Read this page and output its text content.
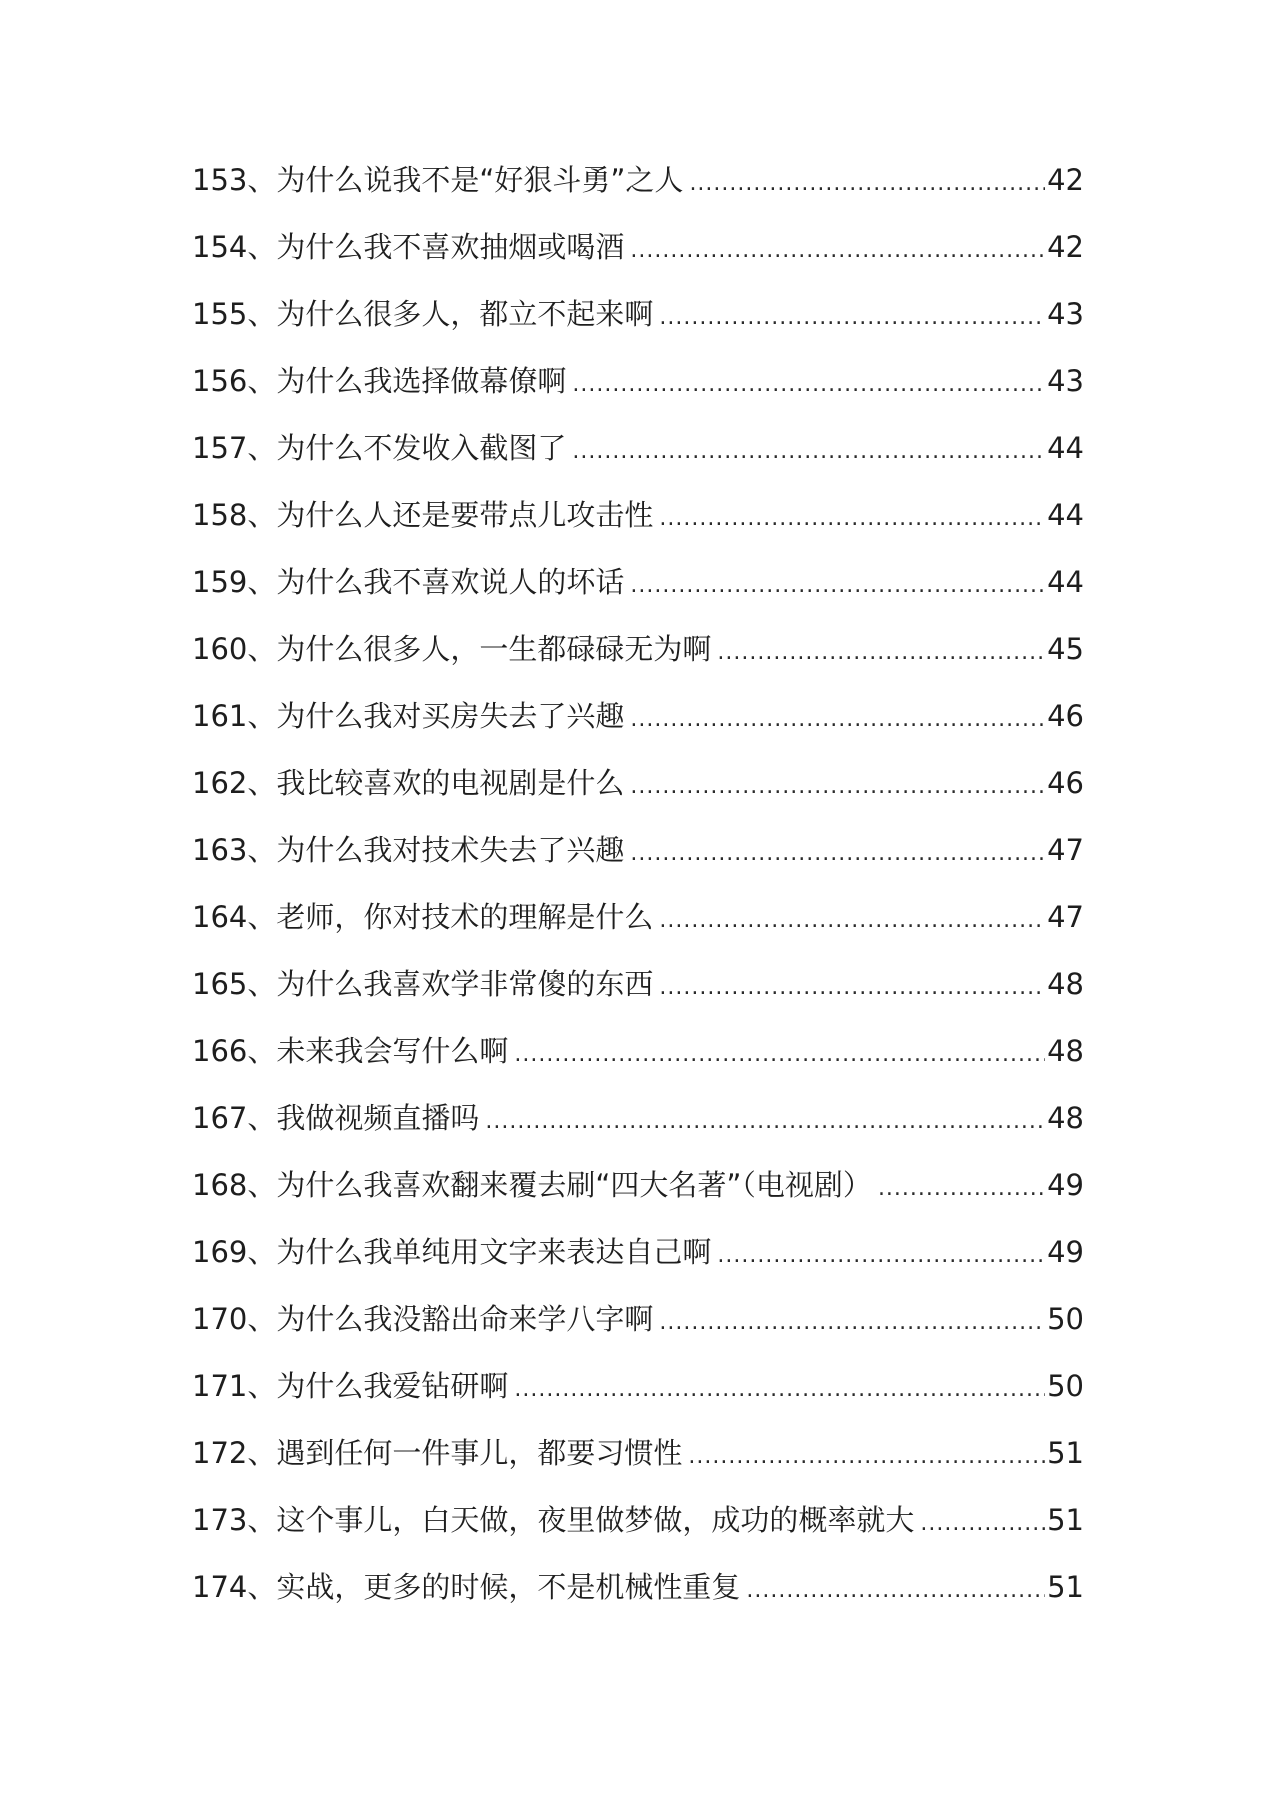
153 、 为什么说我不是“好狠斗勇”之人 .....	42
154 、 为什么我不喜欢抽烟或喝酒 .....	42
155 、 为什么很多人，都立不起来啊 .....	43
156 、 为什么我选择做幕僚啊 .....	43
157 、 为什么不发收入截图了 .....	44
158 、 为什么人还是要带点儿攻击性 .....	44
159 、 为什么我不喜欢说人的坏话 .....	44
160 、 为什么很多人，一生都碌碌无为啊 .....	45
161 、 为什么我对买房失去了兴趣 .....	46
162 、 我比较喜欢的电视剧是什么 .....	46
163 、 为什么我对技术失去了兴趣 .....	47
164 、 老师，你对技术的理解是什么 .....	47
165 、 为什么我喜欢学非常傻的东西 .....	48
166 、 未来我会写什么啊 .....	48
167 、 我做视频直播吗 .....	48
168 、 为什么我喜欢翻来覆去刷“四大名著”（电视剧） .....	49
169 、 为什么我单纯用文字来表达自己啊 .....	49
170 、 为什么我没豁出命来学八字啊 .....	50
171 、 为什么我爱钻研啊 .....	50
172 、 遇到任何一件事儿，都要习惯性 .....	51
173 、 这个事儿，白天做，夜里做梦做，成功的概率就大 .....	51
174 、 实战，更多的时候，不是机械性重复 .....	51
